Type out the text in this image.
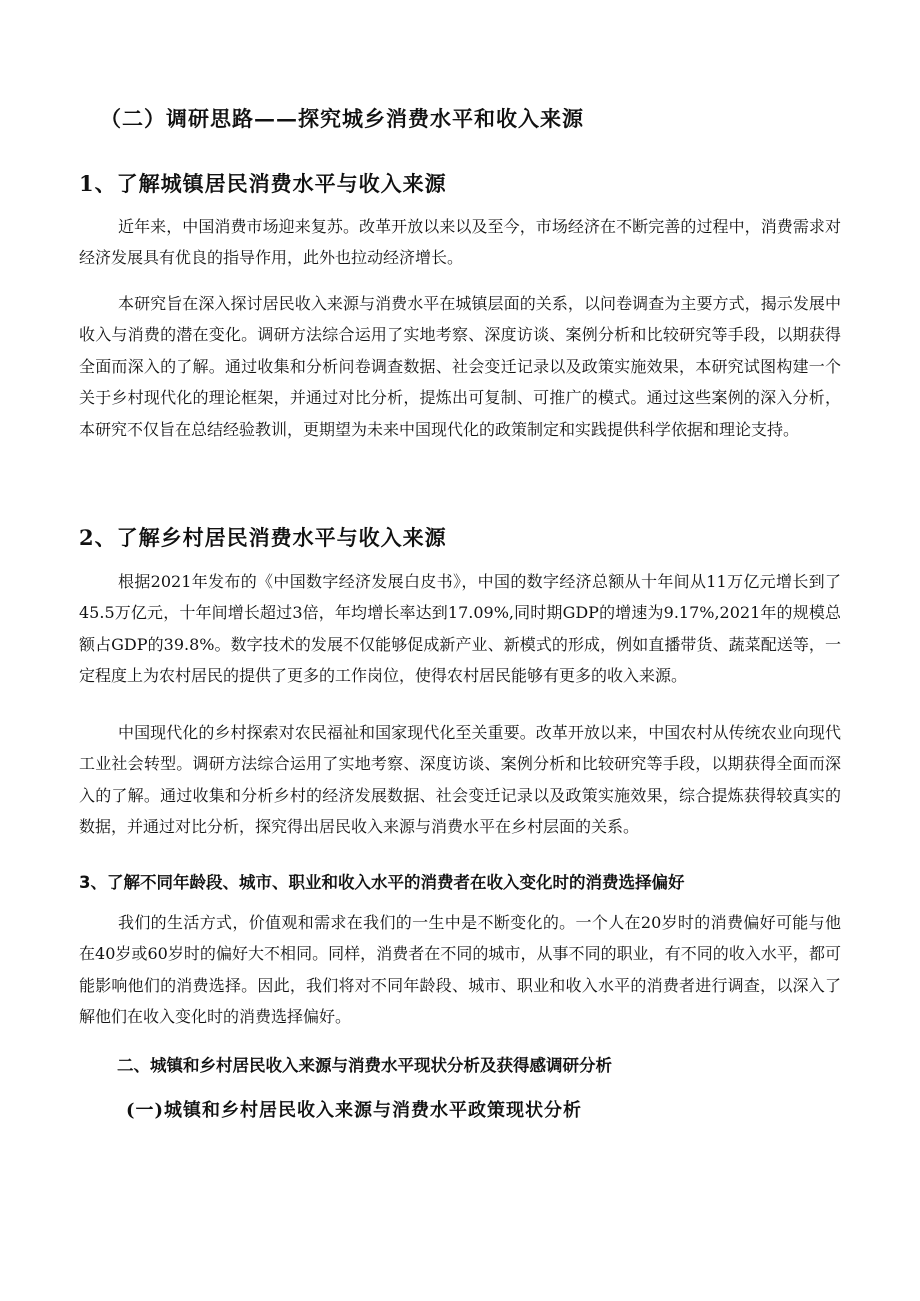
（二）调研思路——探究城乡消费水平和收入来源
1、了解城镇居民消费水平与收入来源

近年来，中国消费市场迎来复苏。改革开放以来以及至今，市场经济在不断完善的过程中，消费需求对经济发展具有优良的指导作用，此外也拉动经济增长。

本研究旨在深入探讨居民收入来源与消费水平在城镇层面的关系，以问卷调查为主要方式，揭示发展中收入与消费的潜在变化。调研方法综合运用了实地考察、深度访谈、案例分析和比较研究等手段，以期获得全面而深入的了解。通过收集和分析问卷调查数据、社会变迁记录以及政策实施效果，本研究试图构建一个关于乡村现代化的理论框架，并通过对比分析，提炼出可复制、可推广的模式。通过这些案例的深入分析，本研究不仅旨在总结经验教训，更期望为未来中国现代化的政策制定和实践提供科学依据和理论支持。

2、了解乡村居民消费水平与收入来源

根据2021年发布的《中国数字经济发展白皮书》，中国的数字经济总额从十年间从11万亿元增长到了45.5万亿元，十年间增长超过3倍，年均增长率达到17.09%,同时期GDP的增速为9.17%,2021年的规模总额占GDP的39.8%。数字技术的发展不仅能够促成新产业、新模式的形成，例如直播带货、蔬菜配送等，一定程度上为农村居民的提供了更多的工作岗位，使得农村居民能够有更多的收入来源。

中国现代化的乡村探索对农民福祉和国家现代化至关重要。改革开放以来，中国农村从传统农业向现代工业社会转型。调研方法综合运用了实地考察、深度访谈、案例分析和比较研究等手段，以期获得全面而深入的了解。通过收集和分析乡村的经济发展数据、社会变迁记录以及政策实施效果，综合提炼获得较真实的数据，并通过对比分析，探究得出居民收入来源与消费水平在乡村层面的关系。

3、了解不同年龄段、城市、职业和收入水平的消费者在收入变化时的消费选择偏好

我们的生活方式，价值观和需求在我们的一生中是不断变化的。一个人在20岁时的消费偏好可能与他在40岁或60岁时的偏好大不相同。同样，消费者在不同的城市，从事不同的职业，有不同的收入水平，都可能影响他们的消费选择。因此，我们将对不同年龄段、城市、职业和收入水平的消费者进行调查，以深入了解他们在收入变化时的消费选择偏好。

二、城镇和乡村居民收入来源与消费水平现状分析及获得感调研分析
(一)城镇和乡村居民收入来源与消费水平政策现状分析
